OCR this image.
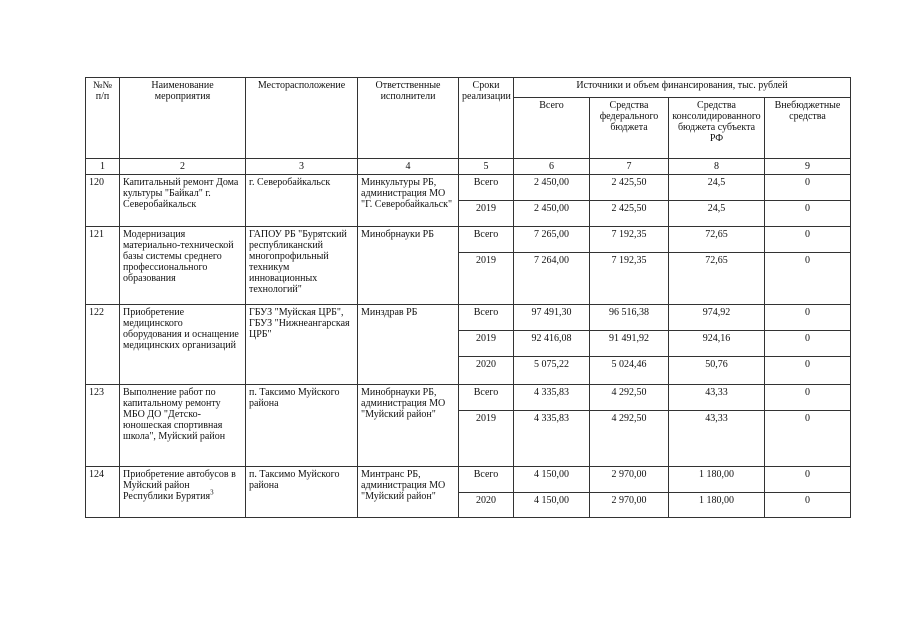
№№ п/п	Наименование мероприятия	Месторасположение	Ответственные исполнители	Сроки реализации	Источники и объем финансирования, тыс. рублей			
					Всего	Средства федерального бюджета	Средства консолидированного бюджета субъекта РФ	Внебюджетные средства
1	2	3	4	5	6	7	8	9
120	Капитальный ремонт Дома культуры "Байкал" г. Северобайкальск	г. Северобайкальск	Минкультуры РБ, администрация МО "Г. Северобайкальск"	Всего	2 450,00	2 425,50	24,5	0
				2019	2 450,00	2 425,50	24,5	0
121	Модернизация материально-технической базы системы среднего профессионального образования	ГАПОУ РБ "Бурятский республиканский многопрофильный техникум инновационных технологий"	Минобрнауки РБ	Всего	7 265,00	7 192,35	72,65	0
				2019	7 264,00	7 192,35	72,65	0
122	Приобретение медицинского оборудования и оснащение медицинских организаций	ГБУЗ "Муйская ЦРБ", ГБУЗ "Нижнеангарская ЦРБ"	Минздрав РБ	Всего	97 491,30	96 516,38	974,92	0
				2019	92 416,08	91 491,92	924,16	0
				2020	5 075,22	5 024,46	50,76	0
123	Выполнение работ по капитальному ремонту МБО ДО "Детско-юношеская спортивная школа", Муйский район	п. Таксимо Муйского района	Минобрнауки РБ, администрация МО "Муйский район"	Всего	4 335,83	4 292,50	43,33	0
				2019	4 335,83	4 292,50	43,33	0
124	Приобретение автобусов в Муйский район Республики Бурятия$^3$	п. Таксимо Муйского района	Минтранс РБ, администрация МО "Муйский район"	Всего	4 150,00	2 970,00	1 180,00	0
				2020	4 150,00	2 970,00	1 180,00	0
